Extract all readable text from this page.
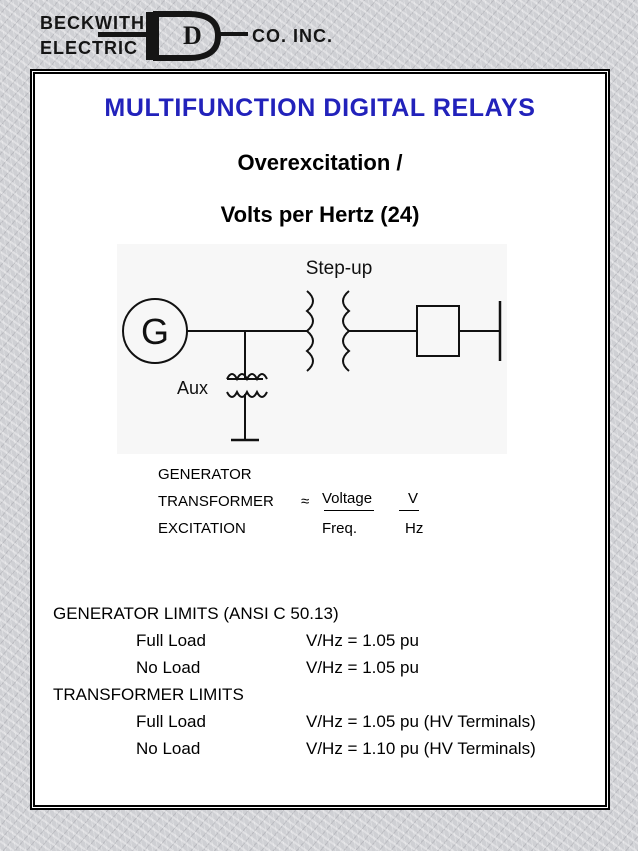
D
BECKWITH
ELECTRIC
CO. INC.
MULTIFUNCTION DIGITAL RELAYS
Overexcitation /
Volts per Hertz (24)
G
Step-up
Aux
GENERATOR
TRANSFORMER
EXCITATION
≈ Voltage
Freq.
V
Hz
GENERATOR LIMITS (ANSI C 50.13)
Full Load	V/Hz = 1.05 pu
No Load	V/Hz = 1.05 pu
TRANSFORMER LIMITS
Full Load	V/Hz = 1.05 pu (HV Terminals)
No Load	V/Hz = 1.10 pu (HV Terminals)
